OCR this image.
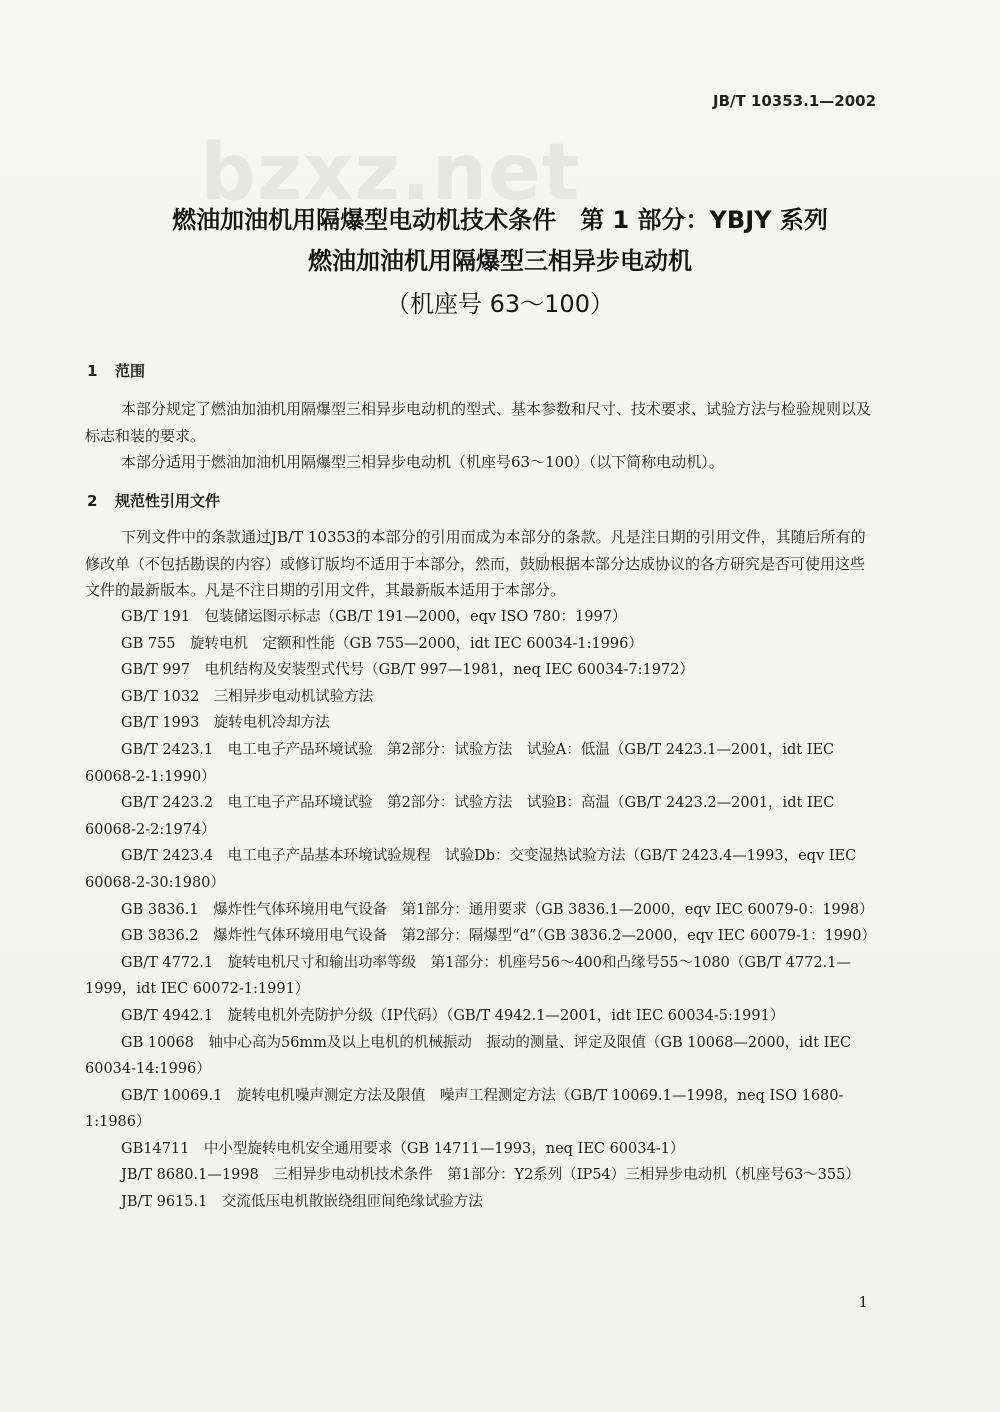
JB/T 10353.1—2002
bzxz.net
燃油加油机用隔爆型电动机技术条件　第 1 部分：YBJY 系列
燃油加油机用隔爆型三相异步电动机
（机座号 63～100）
1 范围

本部分规定了燃油加油机用隔爆型三相异步电动机的型式、基本参数和尺寸、技术要求、试验方法与检验规则以及标志和装的要求。

本部分适用于燃油加油机用隔爆型三相异步电动机（机座号63～100）（以下简称电动机）。

2 规范性引用文件

下列文件中的条款通过JB/T 10353的本部分的引用而成为本部分的条款。凡是注日期的引用文件，其随后所有的修改单（不包括勘误的内容）或修订版均不适用于本部分，然而，鼓励根据本部分达成协议的各方研究是否可使用这些文件的最新版本。凡是不注日期的引用文件，其最新版本适用于本部分。

GB/T 191　包装储运图示标志（GB/T 191—2000，eqv ISO 780：1997）

GB 755　旋转电机　定额和性能（GB 755—2000，idt IEC 60034-1:1996）

GB/T 997　电机结构及安装型式代号（GB/T 997—1981，neq IEC 60034-7:1972）

GB/T 1032　三相异步电动机试验方法

GB/T 1993　旋转电机冷却方法

GB/T 2423.1　电工电子产品环境试验　第2部分：试验方法　试验A：低温（GB/T 2423.1—2001，idt IEC 60068-2-1:1990）

GB/T 2423.2　电工电子产品环境试验　第2部分：试验方法　试验B：高温（GB/T 2423.2—2001，idt IEC 60068-2-2:1974）

GB/T 2423.4　电工电子产品基本环境试验规程　试验Db：交变湿热试验方法（GB/T 2423.4—1993，eqv IEC 60068-2-30:1980）

GB 3836.1　爆炸性气体环境用电气设备　第1部分：通用要求（GB 3836.1—2000，eqv IEC 60079-0：1998）

GB 3836.2　爆炸性气体环境用电气设备　第2部分：隔爆型“d”（GB 3836.2—2000，eqv IEC 60079-1：1990）

GB/T 4772.1　旋转电机尺寸和输出功率等级　第1部分：机座号56～400和凸缘号55～1080（GB/T 4772.1—1999，idt IEC 60072-1:1991）

GB/T 4942.1　旋转电机外壳防护分级（IP代码）（GB/T 4942.1—2001，idt IEC 60034-5:1991）

GB 10068　轴中心高为56mm及以上电机的机械振动　振动的测量、评定及限值（GB 10068—2000，idt IEC 60034-14:1996）

GB/T 10069.1　旋转电机噪声测定方法及限值　噪声工程测定方法（GB/T 10069.1—1998，neq ISO 1680-1:1986）

GB14711　中小型旋转电机安全通用要求（GB 14711—1993，neq IEC 60034-1）

JB/T 8680.1—1998　三相异步电动机技术条件　第1部分：Y2系列（IP54）三相异步电动机（机座号63～355）

JB/T 9615.1　交流低压电机散嵌绕组匝间绝缘试验方法

1
